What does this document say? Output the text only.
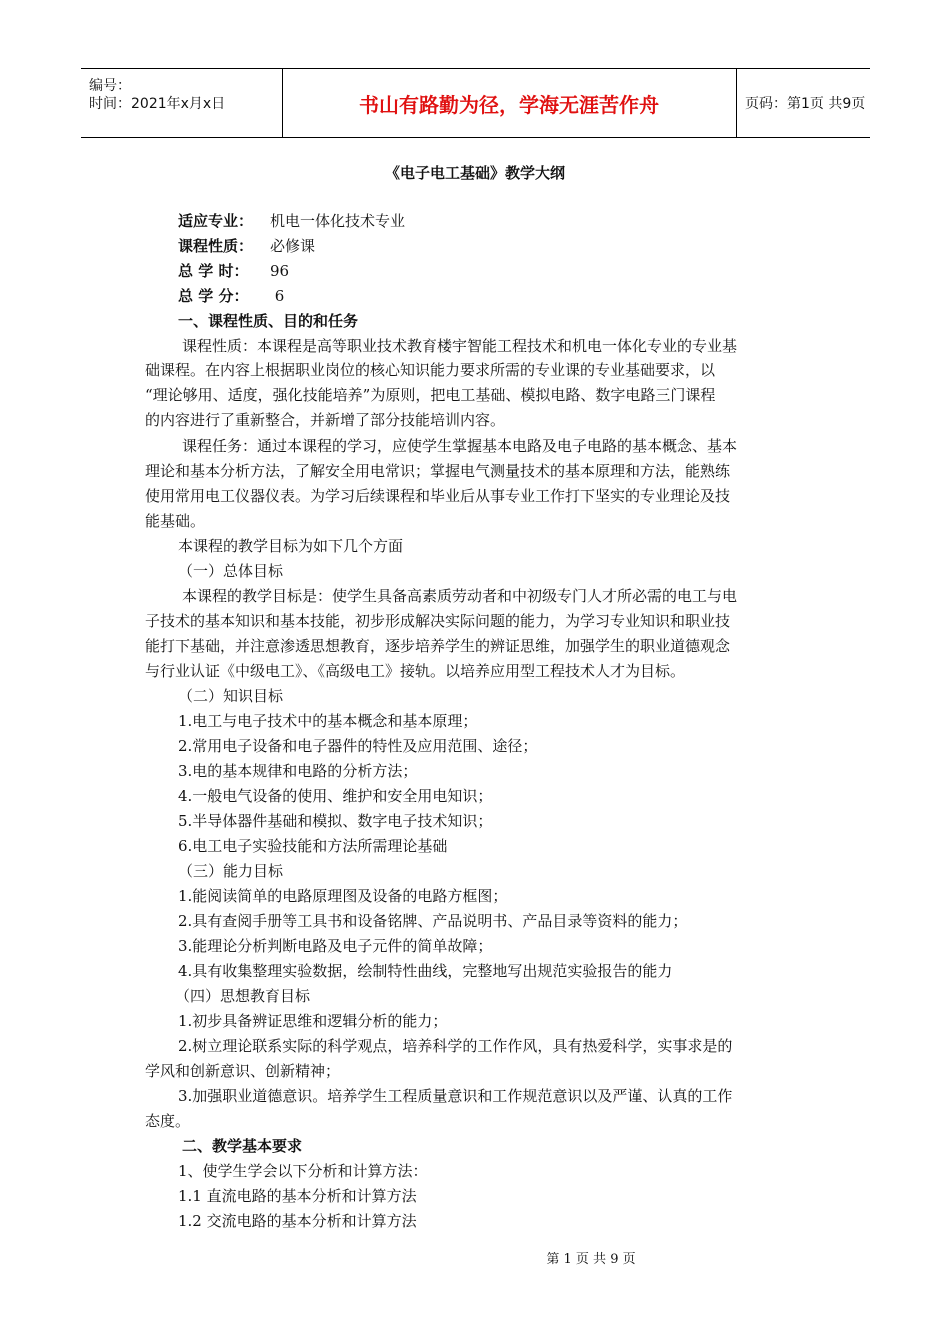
编号：
时间：2021年x月x日	书山有路勤为径，学海无涯苦作舟	页码：第1页 共9页
《电子电工基础》教学大纲
适应专业： 机电一体化技术专业
课程性质： 必修课
总 学 时： 96
总 学 分： 6
一、课程性质、目的和任务
课程性质：本课程是高等职业技术教育楼宇智能工程技术和机电一体化专业的专业基
础课程。在内容上根据职业岗位的核心知识能力要求所需的专业课的专业基础要求，以
“理论够用、适度，强化技能培养”为原则，把电工基础、模拟电路、数字电路三门课程
的内容进行了重新整合，并新增了部分技能培训内容。
课程任务：通过本课程的学习，应使学生掌握基本电路及电子电路的基本概念、基本
理论和基本分析方法，了解安全用电常识；掌握电气测量技术的基本原理和方法，能熟练
使用常用电工仪器仪表。为学习后续课程和毕业后从事专业工作打下坚实的专业理论及技
能基础。
本课程的教学目标为如下几个方面
（一）总体目标
本课程的教学目标是：使学生具备高素质劳动者和中初级专门人才所必需的电工与电
子技术的基本知识和基本技能，初步形成解决实际问题的能力，为学习专业知识和职业技
能打下基础，并注意渗透思想教育，逐步培养学生的辨证思维，加强学生的职业道德观念
与行业认证《中级电工》、《高级电工》接轨。以培养应用型工程技术人才为目标。
（二）知识目标
1.电工与电子技术中的基本概念和基本原理；
2.常用电子设备和电子器件的特性及应用范围、途径；
3.电的基本规律和电路的分析方法；
4.一般电气设备的使用、维护和安全用电知识；
5.半导体器件基础和模拟、数字电子技术知识；
6.电工电子实验技能和方法所需理论基础
（三）能力目标
1.能阅读简单的电路原理图及设备的电路方框图；
2.具有查阅手册等工具书和设备铭牌、产品说明书、产品目录等资料的能力；
3.能理论分析判断电路及电子元件的简单故障；
4.具有收集整理实验数据，绘制特性曲线，完整地写出规范实验报告的能力
（四）思想教育目标
1.初步具备辨证思维和逻辑分析的能力；
2.树立理论联系实际的科学观点，培养科学的工作作风，具有热爱科学，实事求是的
学风和创新意识、创新精神；
3.加强职业道德意识。培养学生工程质量意识和工作规范意识以及严谨、认真的工作
态度。
二、教学基本要求
1、使学生学会以下分析和计算方法：
1.1 直流电路的基本分析和计算方法
1.2 交流电路的基本分析和计算方法
第 1 页 共 9 页
